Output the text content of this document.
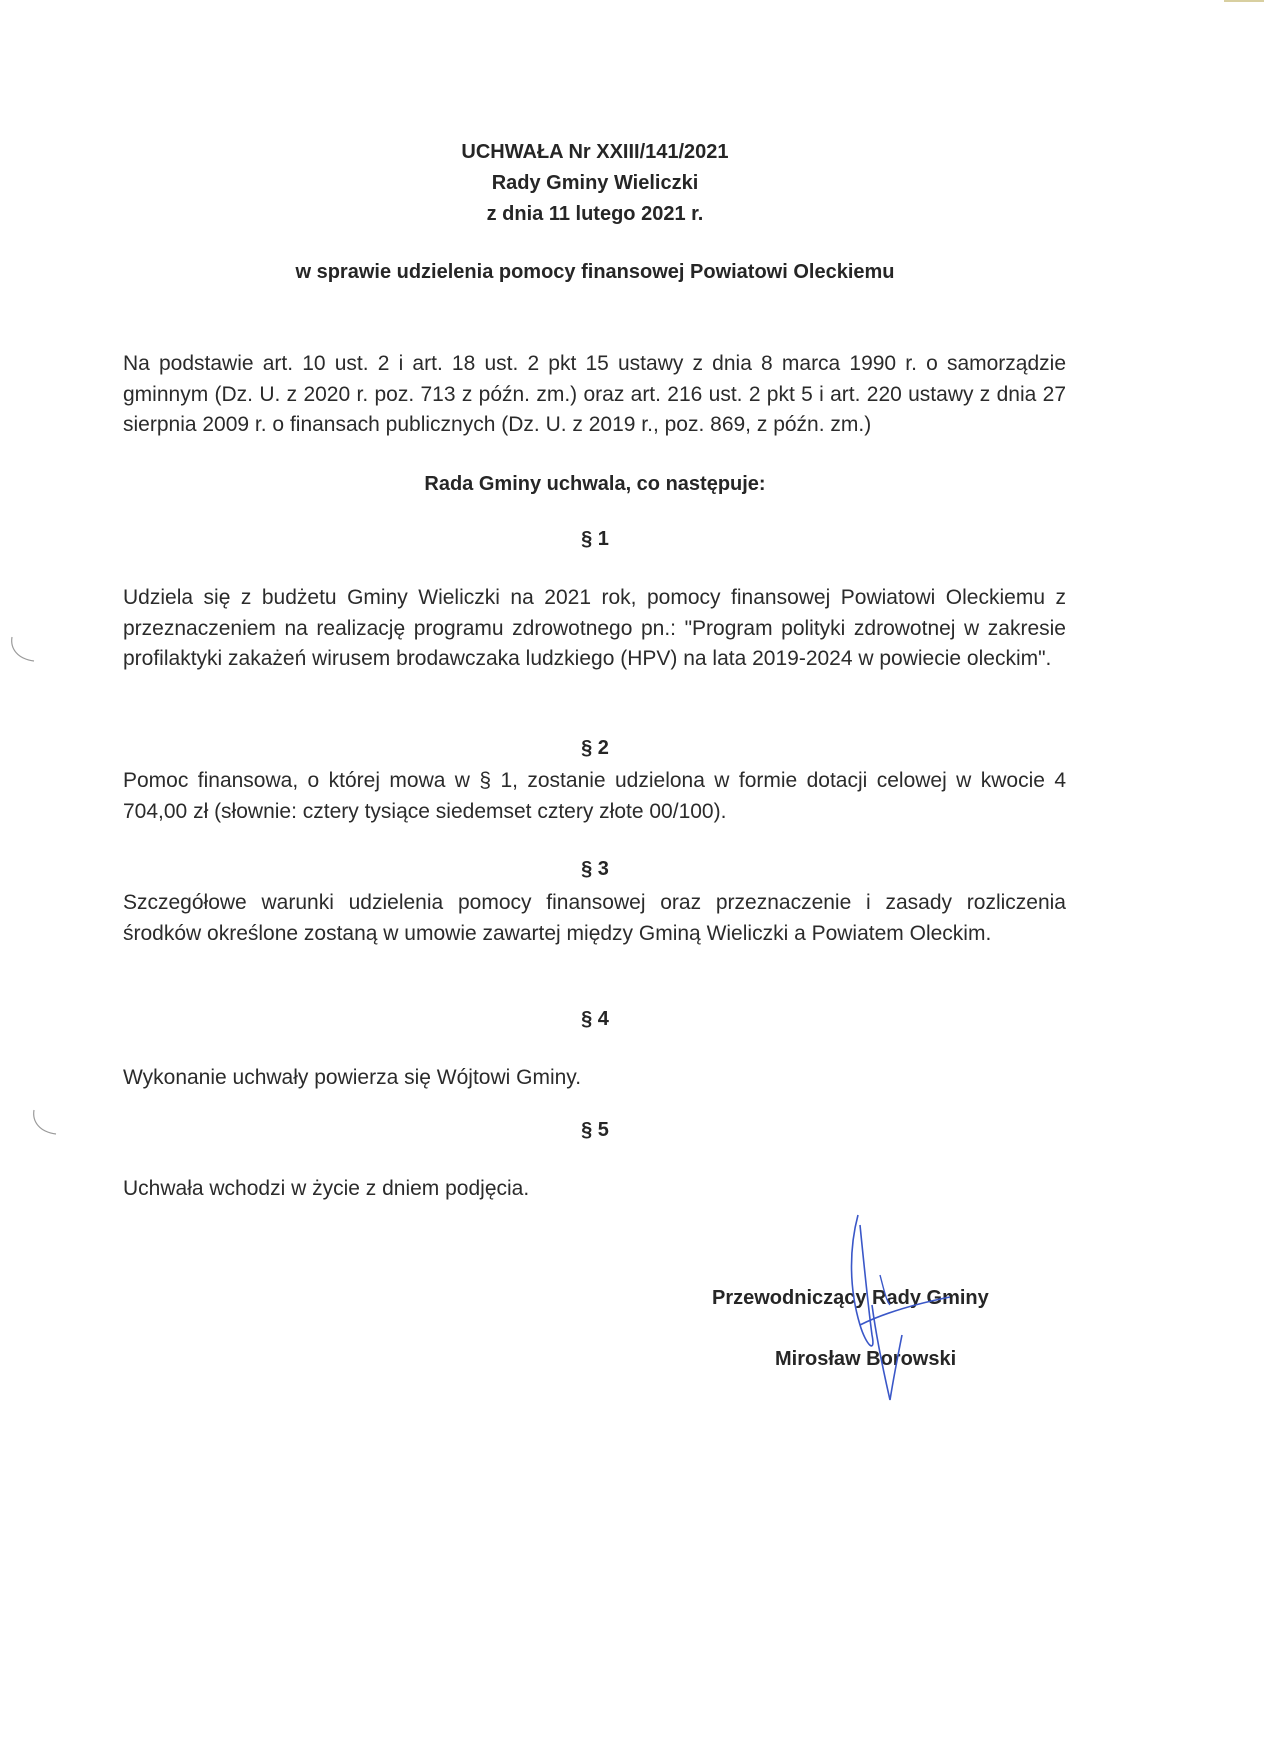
UCHWAŁA Nr XXIII/141/2021
Rady Gminy Wieliczki
z dnia 11 lutego 2021 r.
w sprawie udzielenia pomocy finansowej Powiatowi Oleckiemu
Na podstawie art. 10 ust. 2 i art. 18 ust. 2 pkt 15 ustawy z dnia 8 marca 1990 r. o samorządzie gminnym (Dz. U. z 2020 r. poz. 713 z późn. zm.) oraz art. 216 ust. 2 pkt 5 i art. 220 ustawy z dnia 27 sierpnia 2009 r. o finansach publicznych (Dz. U. z 2019 r., poz. 869, z późn. zm.)
Rada Gminy uchwala, co następuje:
§ 1
Udziela się z budżetu Gminy Wieliczki na 2021 rok, pomocy finansowej Powiatowi Oleckiemu z przeznaczeniem na realizację programu zdrowotnego pn.: "Program polityki zdrowotnej w zakresie profilaktyki zakażeń wirusem brodawczaka ludzkiego (HPV) na lata 2019-2024 w powiecie oleckim".
§ 2
Pomoc finansowa, o której mowa w § 1, zostanie udzielona w formie dotacji celowej w kwocie 4 704,00 zł (słownie: cztery tysiące siedemset cztery złote 00/100).
§ 3
Szczegółowe warunki udzielenia pomocy finansowej oraz przeznaczenie i zasady rozliczenia środków określone zostaną w umowie zawartej między Gminą Wieliczki a Powiatem Oleckim.
§ 4
Wykonanie uchwały powierza się Wójtowi Gminy.
§ 5
Uchwała wchodzi w życie z dniem podjęcia.
Przewodniczący Rady Gminy
Mirosław Borowski
